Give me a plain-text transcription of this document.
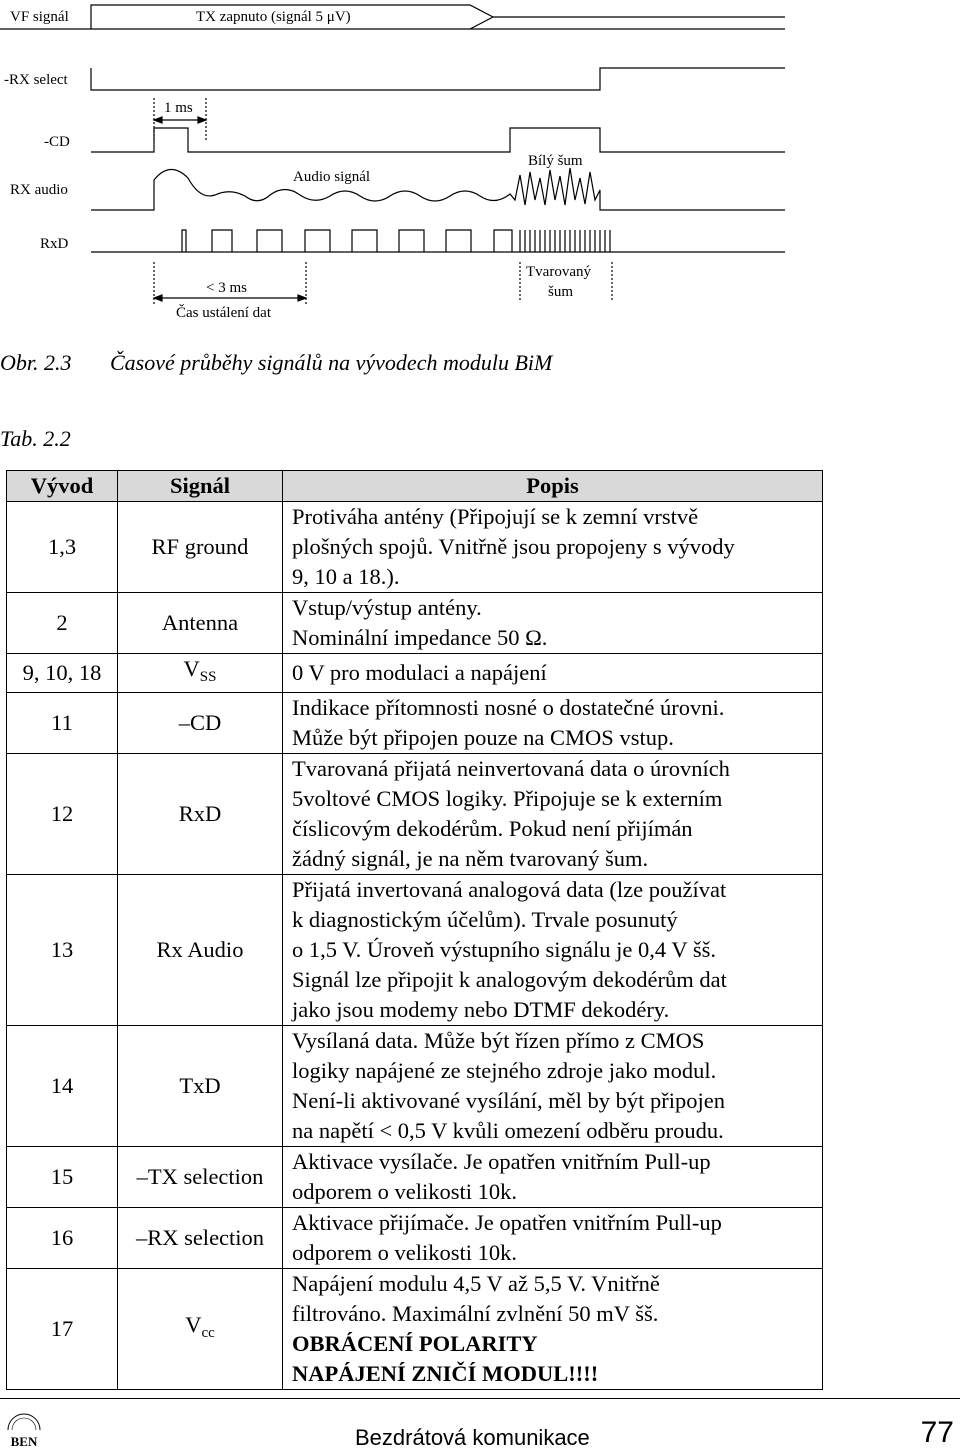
VF signál	TX zapnuto (signál 5 μV)
-RX select
1 ms
-CD
Bílý šum
RX audio
Audio signál
RxD
Tvarovaný
šum
< 3 ms
Čas ustálení dat
Obr. 2.3 Časové průběhy signálů na vývodech modulu BiM
Tab. 2.2
Vývod	Signál	Popis
1,3	RF ground	Protiváha antény (Připojují se k zemní vrstvě
plošných spojů. Vnitřně jsou propojeny s vývody
9, 10 a 18.).

2	Antenna	Vstup/výstup antény.
Nominální impedance 50 Ω.

9, 10, 18	$V_{SS}$	0 V pro modulaci a napájení

11	–CD	Indikace přítomnosti nosné o dostatečné úrovni.
Může být připojen pouze na CMOS vstup.

12	RxD	Tvarovaná přijatá neinvertovaná data o úrovních
5voltové CMOS logiky. Připojuje se k externím
číslicovým dekodérům. Pokud není přijímán
žádný signál, je na něm tvarovaný šum.

13	Rx Audio	Přijatá invertovaná analogová data (lze používat
k diagnostickým účelům). Trvale posunutý
o 1,5 V. Úroveň výstupního signálu je 0,4 V šš.
Signál lze připojit k analogovým dekodérům dat
jako jsou modemy nebo DTMF dekodéry.

14	TxD	Vysílaná data. Může být řízen přímo z CMOS
logiky napájené ze stejného zdroje jako modul.
Není-li aktivované vysílání, měl by být připojen
na napětí < 0,5 V kvůli omezení odběru proudu.

15	–TX selection	Aktivace vysílače. Je opatřen vnitřním Pull-up
odporem o velikosti 10k.

16	–RX selection	Aktivace přijímače. Je opatřen vnitřním Pull-up
odporem o velikosti 10k.

17	$V_{cc}$	Napájení modulu 4,5 V až 5,5 V. Vnitřně
filtrováno. Maximální zvlnění 50 mV šš.
OBRÁCENÍ POLARITY
NAPÁJENÍ ZNIČÍ MODUL!!!!
BEN	Bezdrátová komunikace	77
